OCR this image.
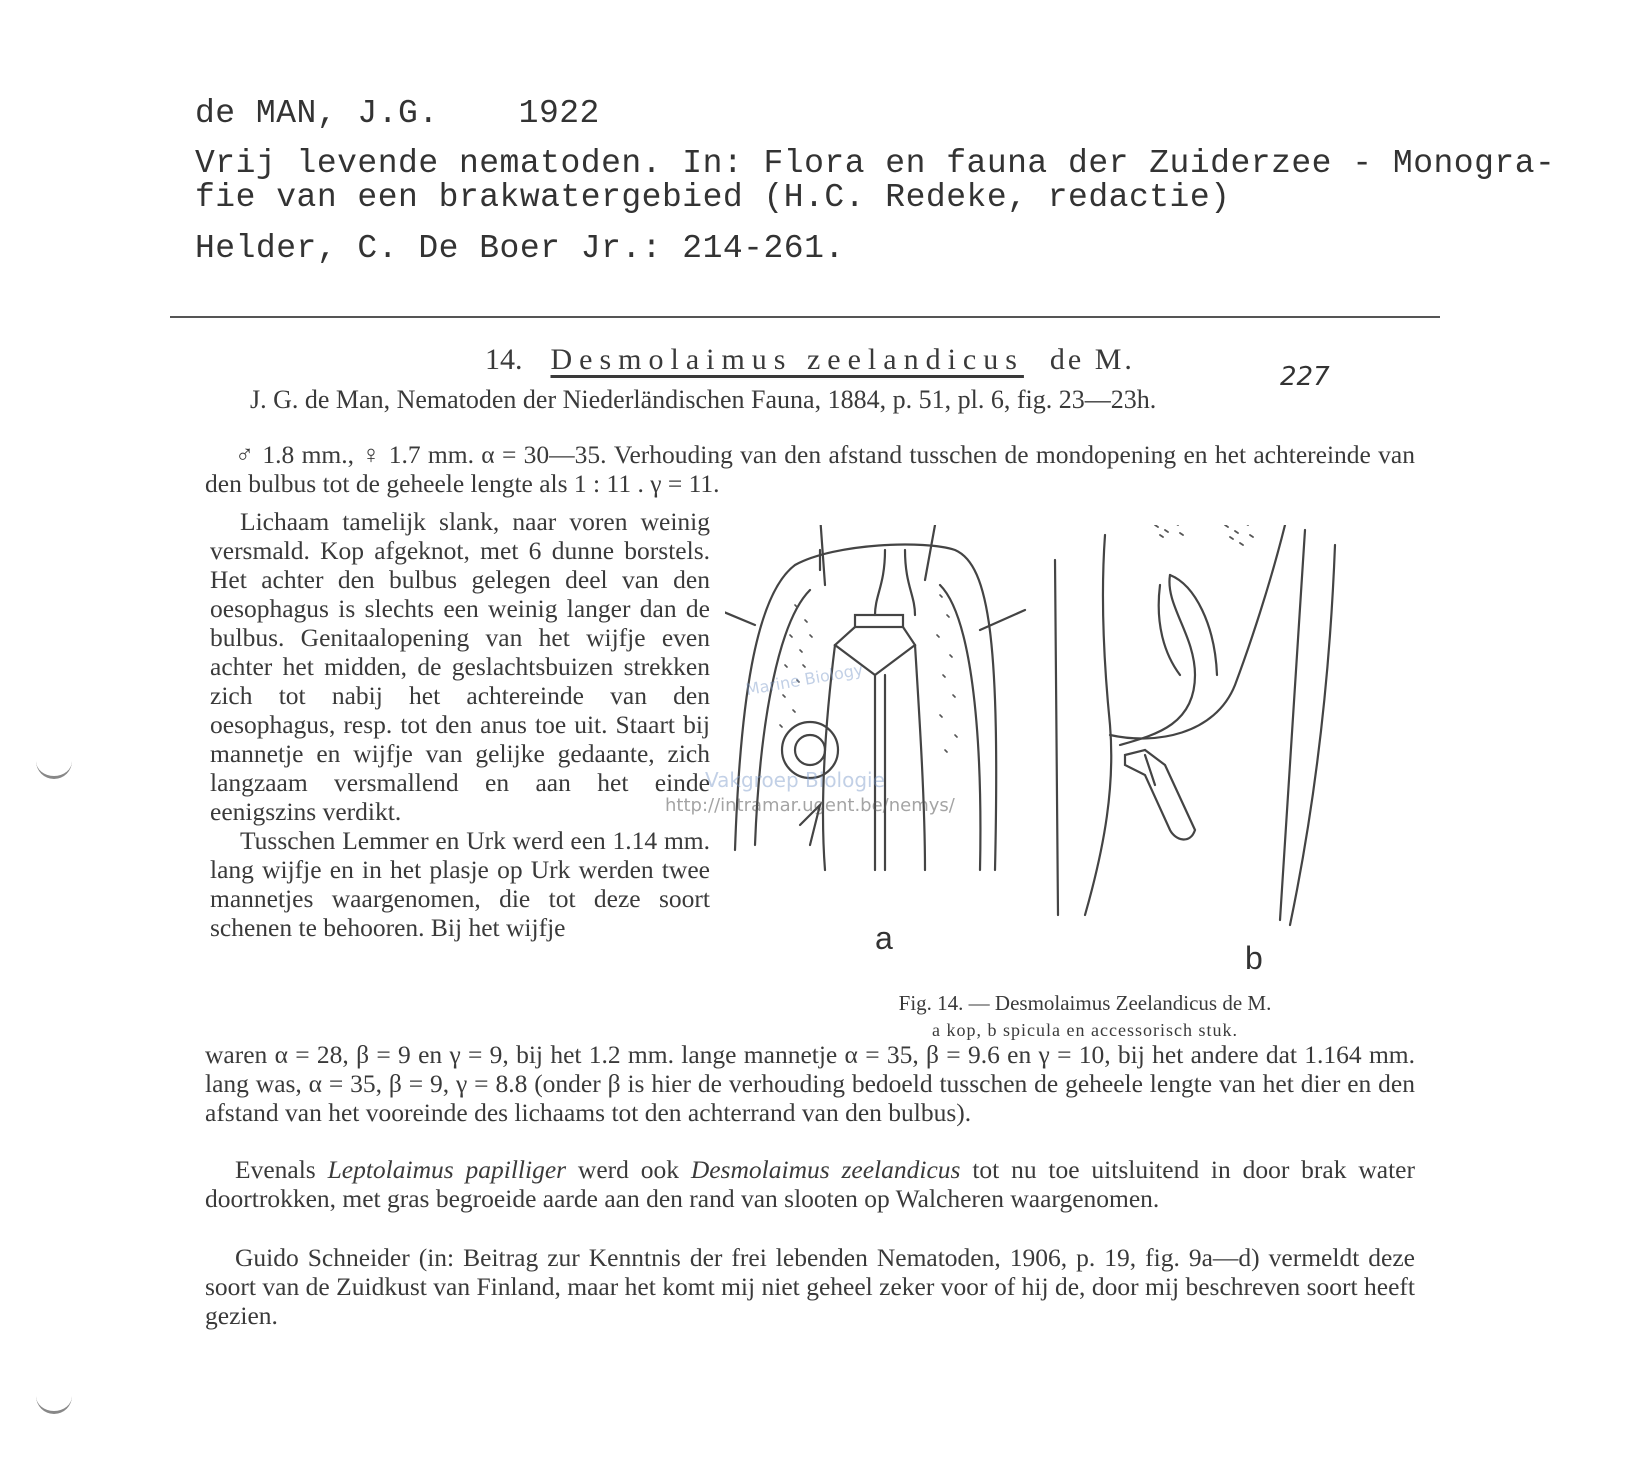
de MAN, J.G. 1922
Vrij levende nematoden. In: Flora en fauna der Zuiderzee - Monogra-
fie van een brakwatergebied (H.C. Redeke, redactie)
Helder, C. De Boer Jr.: 214-261.
14. Desmolaimus zeelandicus de M.
227
J. G. de Man, Nematoden der Niederländischen Fauna, 1884, p. 51, pl. 6, fig. 23—23h.
♂ 1.8 mm., ♀ 1.7 mm. α = 30—35. Verhouding van den afstand tusschen de mondopening en het achtereinde van den bulbus tot de geheele lengte als 1 : 11 . γ = 11.

Lichaam tamelijk slank, naar voren weinig versmald. Kop afgeknot, met 6 dunne borstels. Het achter den bulbus gelegen deel van den oesophagus is slechts een weinig langer dan de bulbus. Genitaalopening van het wijfje even achter het midden, de geslachtsbuizen strekken zich tot nabij het achtereinde van den oesophagus, resp. tot den anus toe uit. Staart bij mannetje en wijfje van gelijke gedaante, zich langzaam versmallend en aan het einde eenigszins verdikt.

Tusschen Lemmer en Urk werd een 1.14 mm. lang wijfje en in het plasje op Urk werden twee mannetjes waargenomen, die tot deze soort schenen te behooren. Bij het wijfje	a
b
Marine Biology
Vakgroep Biologie
http://intramar.ugent.be/nemys/
Fig. 14. — Desmolaimus Zeelandicus de M.
a kop, b spicula en accessorisch stuk.
waren α = 28, β = 9 en γ = 9, bij het 1.2 mm. lange mannetje α = 35, β = 9.6 en γ = 10, bij het andere dat 1.164 mm. lang was, α = 35, β = 9, γ = 8.8 (onder β is hier de verhouding bedoeld tusschen de geheele lengte van het dier en den afstand van het vooreinde des lichaams tot den achterrand van den bulbus).
Evenals Leptolaimus papilliger werd ook Desmolaimus zeelandicus tot nu toe uitsluitend in door brak water doortrokken, met gras begroeide aarde aan den rand van slooten op Walcheren waargenomen.
Guido Schneider (in: Beitrag zur Kenntnis der frei lebenden Nematoden, 1906, p. 19, fig. 9a—d) vermeldt deze soort van de Zuidkust van Finland, maar het komt mij niet geheel zeker voor of hij de, door mij beschreven soort heeft gezien.
